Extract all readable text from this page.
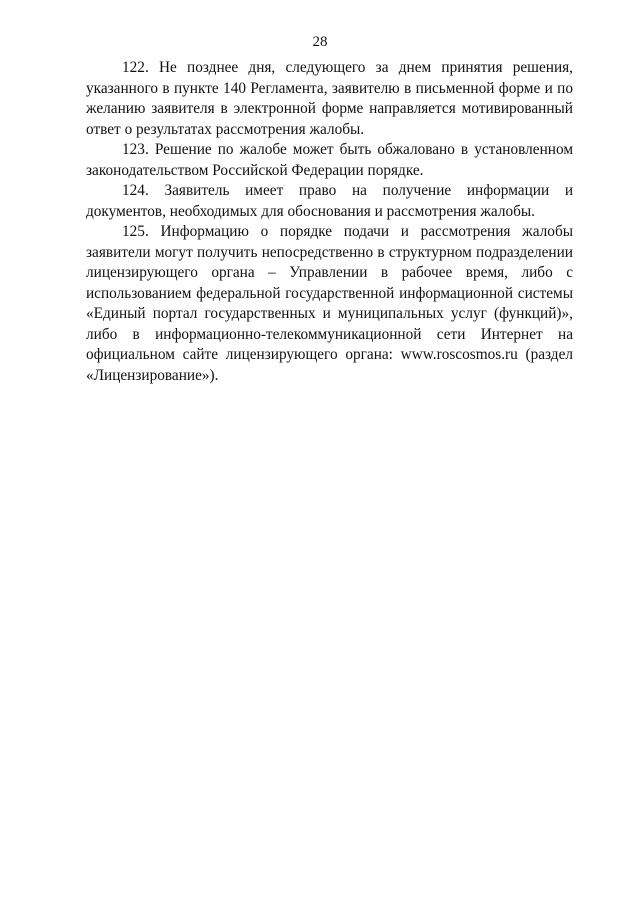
28

122. Не позднее дня, следующего за днем принятия решения, указанного в пункте 140 Регламента, заявителю в письменной форме и по желанию заявителя в электронной форме направляется мотивированный ответ о результатах рассмотрения жалобы.

123. Решение по жалобе может быть обжаловано в установленном законодательством Российской Федерации порядке.

124. Заявитель имеет право на получение информации и документов, необходимых для обоснования и рассмотрения жалобы.

125. Информацию о порядке подачи и рассмотрения жалобы заявители могут получить непосредственно в структурном подразделении лицензирующего органа – Управлении в рабочее время, либо с использованием федеральной государственной информационной системы «Единый портал государственных и муниципальных услуг (функций)», либо в информационно-телекоммуникационной сети Интернет на официальном сайте лицензирующего органа: www.roscosmos.ru (раздел «Лицензирование»).
